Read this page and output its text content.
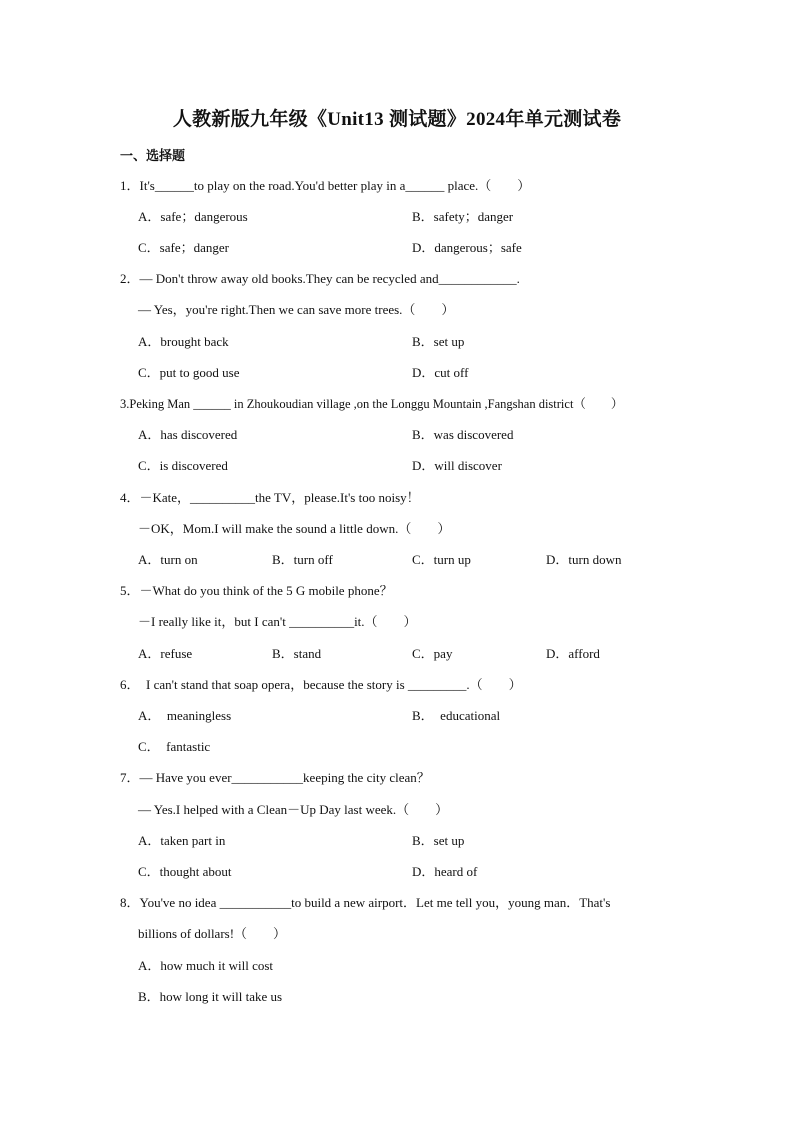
人教新版九年级《Unit13 测试题》2024年单元测试卷
一、选择题
1．It's______to play on the road.You'd better play in a______ place.（　　）
A．safe；dangerous	B．safety；danger
C．safe；danger	D．dangerous；safe
2．— Don't throw away old books.They can be recycled and____________.
— Yes，you're right.Then we can save more trees.（　　）
A．brought back	B．set up
C．put to good use	D．cut off
3.Peking Man ______ in Zhoukoudian village ,on the Longgu Mountain ,Fangshan district（　　）
A．has discovered	B．was discovered
C．is discovered	D．will discover
4．－Kate，__________the TV，please.It's too noisy！
－OK，Mom.I will make the sound a little down.（　　）
A．turn on	B．turn off	C．turn up	D．turn down
5．－What do you think of the 5 G mobile phone？
－I really like it，but I can't __________it.（　　）
A．refuse	B．stand	C．pay	D．afford
6．　I can't stand that soap opera，because the story is _________.（　　）
A．　meaningless	B．　educational
C．　fantastic
7．— Have you ever___________keeping the city clean？
— Yes.I helped with a Clean－Up Day last week.（　　）
A．taken part in	B．set up
C．thought about	D．heard of
8．You've no idea ___________to build a new airport．Let me tell you，young man．That's
billions of dollars!（　　）
A．how much it will cost
B．how long it will take us
